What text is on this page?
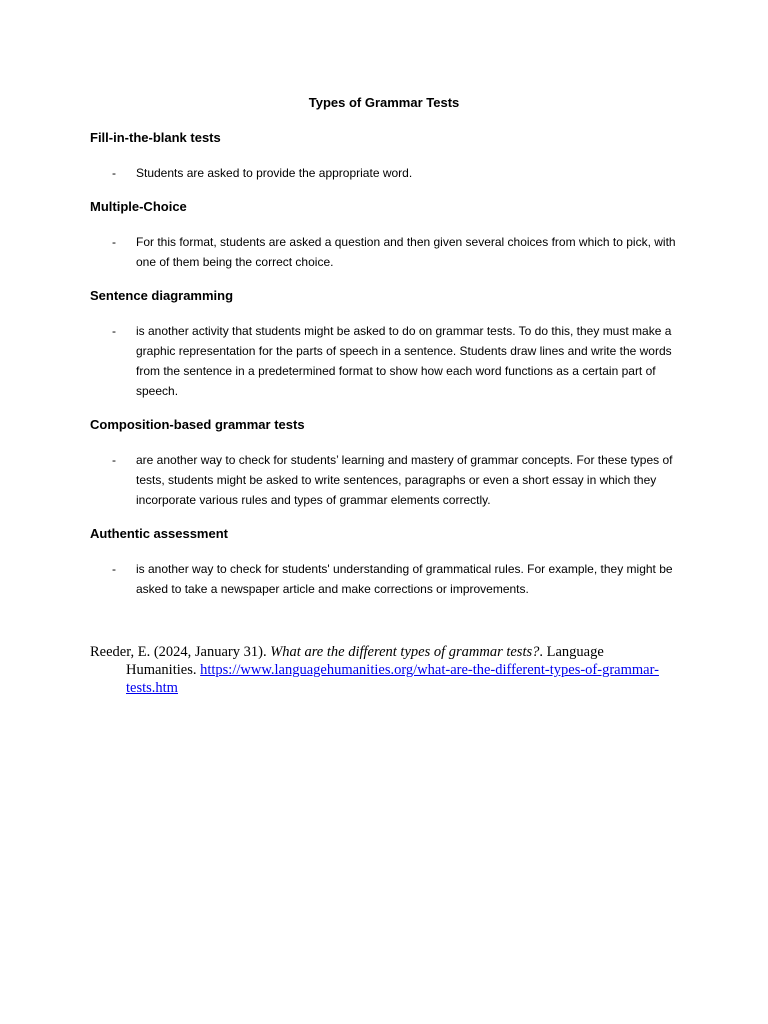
Types of Grammar Tests

Fill-in-the-blank tests

- Students are asked to provide the appropriate word.

Multiple-Choice

- For this format, students are asked a question and then given several choices from which to pick, with one of them being the correct choice.

Sentence diagramming

- is another activity that students might be asked to do on grammar tests. To do this, they must make a graphic representation for the parts of speech in a sentence. Students draw lines and write the words from the sentence in a predetermined format to show how each word functions as a certain part of speech.

Composition-based grammar tests

- are another way to check for students’ learning and mastery of grammar concepts. For these types of tests, students might be asked to write sentences, paragraphs or even a short essay in which they incorporate various rules and types of grammar elements correctly.

Authentic assessment

- is another way to check for students' understanding of grammatical rules. For example, they might be asked to take a newspaper article and make corrections or improvements.

Reeder, E. (2024, January 31). What are the different types of grammar tests?. Language Humanities. https://www.languagehumanities.org/what-are-the-different-types-of-grammar-tests.htm
